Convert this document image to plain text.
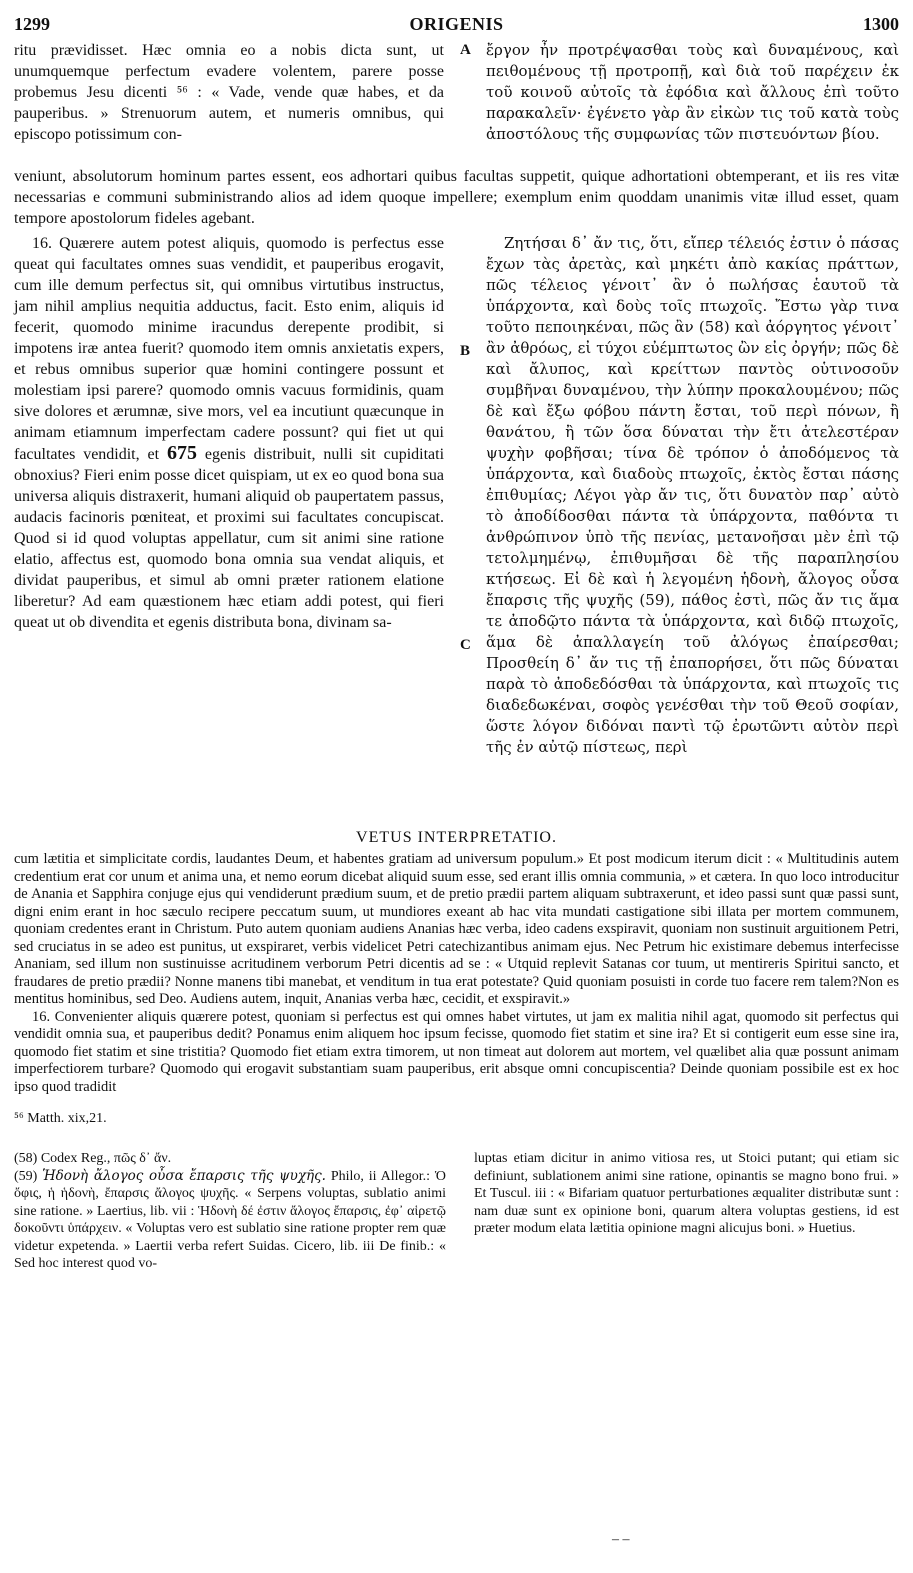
1299	ORIGENIS	1300
ritu prævidisset. Hæc omnia eo a nobis dicta sunt, ut unumquemque perfectum evadere volentem, parere posse probemus Jesu dicenti ⁵⁶ : « Vade, vende quæ habes, et da pauperibus. » Strenuorum autem, et numeris omnibus, qui episcopo potissimum con-
A ἔργον ἦν προτρέψασθαι τοὺς καὶ δυναμένους, καὶ πειθομένους τῇ προτροπῇ, καὶ διὰ τοῦ παρέχειν ἐκ τοῦ κοινοῦ αὐτοῖς τὰ ἐφόδια καὶ ἄλλους ἐπὶ τοῦτο παρακαλεῖν· ἐγένετο γὰρ ἂν εἰκὼν τις τοῦ κατὰ τοὺς ἀποστόλους τῆς συμφωνίας τῶν πιστευόντων βίου.
veniunt, absolutorum hominum partes essent, eos adhortari quibus facultas suppetit, quique adhortationi obtemperant, et iis res vitæ necessarias e communi subministrando alios ad idem quoque impellere; exemplum enim quoddam unanimis vitæ illud esset, quam tempore apostolorum fideles agebant.
16. Quærere autem potest aliquis, quomodo is perfectus esse queat qui facultates omnes suas vendidit, et pauperibus erogavit, cum ille demum perfectus sit, qui omnibus virtutibus instructus, jam nihil amplius nequitia adductus, facit. Esto enim, aliquis id fecerit, quomodo minime iracundus derepente prodibit, si impotens iræ antea fuerit? quomodo item omnis anxietatis expers, et rebus omnibus superior quæ homini contingere possunt et molestiam ipsi parere? quomodo omnis vacuus formidinis, quam sive dolores et ærumnæ, sive mors, vel ea incutiunt quæcunque in animam etiamnum imperfectam cadere possunt? qui fiet ut qui facultates vendidit, et 675 egenis distribuit, nulli sit cupiditati obnoxius? Fieri enim posse dicet quispiam, ut ex eo quod bona sua universa aliquis distraxerit, humani aliquid ob paupertatem passus, audacis facinoris pœniteat, et proximi sui facultates concupiscat. Quod si id quod voluptas appellatur, cum sit animi sine ratione elatio, affectus est, quomodo bona omnia sua vendat aliquis, et dividat pauperibus, et simul ab omni præter rationem elatione liberetur? Ad eam quæstionem hæc etiam addi potest, qui fieri queat ut ob divendita et egenis distributa bona, divinam sa-
B
C
Ζητήσαι δ᾽ ἄν τις, ὅτι, εἴπερ τέλειός ἐστιν ὁ πάσας ἔχων τὰς ἀρετὰς, καὶ μηκέτι ἀπὸ κακίας πράττων, πῶς τέλειος γένοιτ᾽ ἂν ὁ πωλήσας ἑαυτοῦ τὰ ὑπάρχοντα, καὶ δοὺς τοῖς πτωχοῖς. Ἔστω γὰρ τινα τοῦτο πεποιηκέναι, πῶς ἂν (58) καὶ ἀόργητος γένοιτ᾽ ἂν ἀθρόως, εἰ τύχοι εὐέμπτωτος ὢν εἰς ὀργήν; πῶς δὲ καὶ ἄλυπος, καὶ κρείττων παντὸς οὑτινοσοῦν συμβῆναι δυναμένου, τὴν λύπην προκαλουμένου; πῶς δὲ καὶ ἔξω φόβου πάντη ἔσται, τοῦ περὶ πόνων, ἢ θανάτου, ἢ τῶν ὅσα δύναται τὴν ἔτι ἀτελεστέραν ψυχὴν φοβῆσαι; τίνα δὲ τρόπον ὁ ἀποδόμενος τὰ ὑπάρχοντα, καὶ διαδοὺς πτωχοῖς, ἐκτὸς ἔσται πάσης ἐπιθυμίας; Λέγοι γὰρ ἄν τις, ὅτι δυνατὸν παρ᾽ αὐτὸ τὸ ἀποδίδοσθαι πάντα τὰ ὑπάρχοντα, παθόντα τι ἀνθρώπινον ὑπὸ τῆς πενίας, μετανοῆσαι μὲν ἐπὶ τῷ τετολμημένῳ, ἐπιθυμῆσαι δὲ τῆς παραπλησίου κτήσεως. Εἰ δὲ καὶ ἡ λεγομένη ἡδονὴ, ἄλογος οὖσα ἔπαρσις τῆς ψυχῆς (59), πάθος ἐστὶ, πῶς ἄν τις ἅμα τε ἀποδῷτο πάντα τὰ ὑπάρχοντα, καὶ διδῷ πτωχοῖς, ἅμα δὲ ἀπαλλαγείη τοῦ ἀλόγως ἐπαίρεσθαι; Προσθείη δ᾽ ἄν τις τῇ ἐπαπορήσει, ὅτι πῶς δύναται παρὰ τὸ ἀποδεδόσθαι τὰ ὑπάρχοντα, καὶ πτωχοῖς τις διαδεδωκέναι, σοφὸς γενέσθαι τὴν τοῦ Θεοῦ σοφίαν, ὥστε λόγον διδόναι παντὶ τῷ ἐρωτῶντι αὐτὸν περὶ τῆς ἐν αὐτῷ πίστεως, περὶ
VETUS INTERPRETATIO.

cum lætitia et simplicitate cordis, laudantes Deum, et habentes gratiam ad universum populum.» Et post modicum iterum dicit : « Multitudinis autem credentium erat cor unum et anima una, et nemo eorum dicebat aliquid suum esse, sed erant illis omnia communia, » et cætera. In quo loco introducitur de Anania et Sapphira conjuge ejus qui vendiderunt prædium suum, et de pretio prædii partem aliquam subtraxerunt, et ideo passi sunt quæ passi sunt, digni enim erant in hoc sæculo recipere peccatum suum, ut mundiores exeant ab hac vita mundati castigatione sibi illata per mortem communem, quoniam credentes erant in Christum. Puto autem quoniam audiens Ananias hæc verba, ideo cadens exspiravit, quoniam non sustinuit arguitionem Petri, sed cruciatus in se adeo est punitus, ut exspiraret, verbis videlicet Petri catechizantibus animam ejus. Nec Petrum hic existimare debemus interfecisse Ananiam, sed illum non sustinuisse acritudinem verborum Petri dicentis ad se : « Utquid replevit Satanas cor tuum, ut mentireris Spiritui sancto, et fraudares de pretio prædii? Nonne manens tibi manebat, et venditum in tua erat potestate? Quid quoniam posuisti in corde tuo facere rem talem?Non es mentitus hominibus, sed Deo. Audiens autem, inquit, Ananias verba hæc, cecidit, et exspiravit.»

16. Convenienter aliquis quærere potest, quoniam si perfectus est qui omnes habet virtutes, ut jam ex malitia nihil agat, quomodo sit perfectus qui vendidit omnia sua, et pauperibus dedit? Ponamus enim aliquem hoc ipsum fecisse, quomodo fiet statim et sine ira? Et si contigerit eum esse sine ira, quomodo fiet statim et sine tristitia? Quomodo fiet etiam extra timorem, ut non timeat aut dolorem aut mortem, vel quælibet alia quæ possunt animam imperfectiorem turbare? Quomodo qui erogavit substantiam suam pauperibus, erit absque omni concupiscentia? Deinde quoniam possibile est ex hoc ipso quod tradidit

⁵⁶ Matth. xix,21.

(58) Codex Reg., πῶς δ᾽ ἄν.

(59) Ἡδονὴ ἄλογος οὖσα ἔπαρσις τῆς ψυχῆς. Philo, ii Allegor.: Ὁ ὄφις, ἡ ἡδονὴ, ἔπαρσις ἄλογος ψυχῆς. « Serpens voluptas, sublatio animi sine ratione. » Laertius, lib. vii : Ἡδονὴ δέ ἐστιν ἄλογος ἔπαρσις, ἐφ᾽ αἱρετῷ δοκοῦντι ὑπάρχειν. « Voluptas vero est sublatio sine ratione propter rem quæ videtur expetenda. » Laertii verba refert Suidas. Cicero, lib. iii De finib.: « Sed hoc interest quod vo-

luptas etiam dicitur in animo vitiosa res, ut Stoici putant; qui etiam sic definiunt, sublationem animi sine ratione, opinantis se magno bono frui. » Et Tuscul. iii : « Bifariam quatuor perturbationes æqualiter distributæ sunt : nam duæ sunt ex opinione boni, quarum altera voluptas gestiens, id est præter modum elata lætitia opinione magni alicujus boni. » Huetius.
– –
